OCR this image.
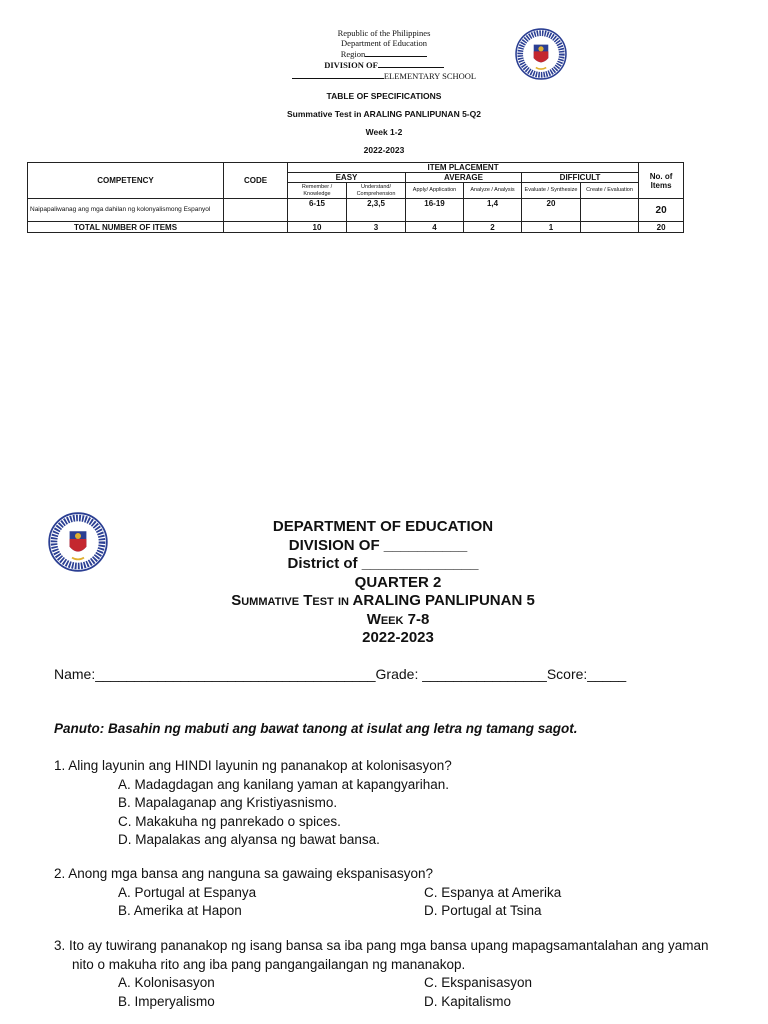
Republic of the Philippines
Department of Education
Region
DIVISION OF
ELEMENTARY SCHOOL
TABLE OF SPECIFICATIONS
Summative Test in ARALING PANLIPUNAN 5-Q2
Week 1-2
2022-2023
COMPETENCY	CODE	ITEM PLACEMENT						No. of Items
		EASY		AVERAGE		DIFFICULT		
		Remember / Knowledge	Understand/ Comprehension	Apply/ Application	Analyze / Analysis	Evaluate / Synthesize	Create / Evaluation	
Naipapaliwanag ang mga dahilan ng kolonyalismong Espanyol		6-15	2,3,5	16-19	1,4	20		20
TOTAL NUMBER OF ITEMS		10	3	4	2	1		20
DEPARTMENT OF EDUCATION
DIVISION OF __________
District of ______________
QUARTER 2
Summative Test in ARALING PANLIPUNAN 5
Week 7-8
2022-2023
Name:____________________________________Grade: ________________Score:_____
Panuto: Basahin ng mabuti ang bawat tanong at isulat ang letra ng tamang sagot.
1. Aling layunin ang HINDI layunin ng pananakop at kolonisasyon?
A. Madagdagan ang kanilang yaman at kapangyarihan.
B. Mapalaganap ang Kristiyasnismo.
C. Makakuha ng panrekado o spices.
D. Mapalakas ang alyansa ng bawat bansa.
2. Anong mga bansa ang nanguna sa gawaing ekspanisasyon?
A. Portugal at Espanya	C. Espanya at Amerika
B. Amerika at Hapon	D. Portugal at Tsina
3. Ito ay tuwirang pananakop ng isang bansa sa iba pang mga bansa upang mapagsamantalahan ang yaman nito o makuha rito ang iba pang pangangailangan ng mananakop.
A. Kolonisasyon	C. Ekspanisasyon
B. Imperyalismo	D. Kapitalismo
